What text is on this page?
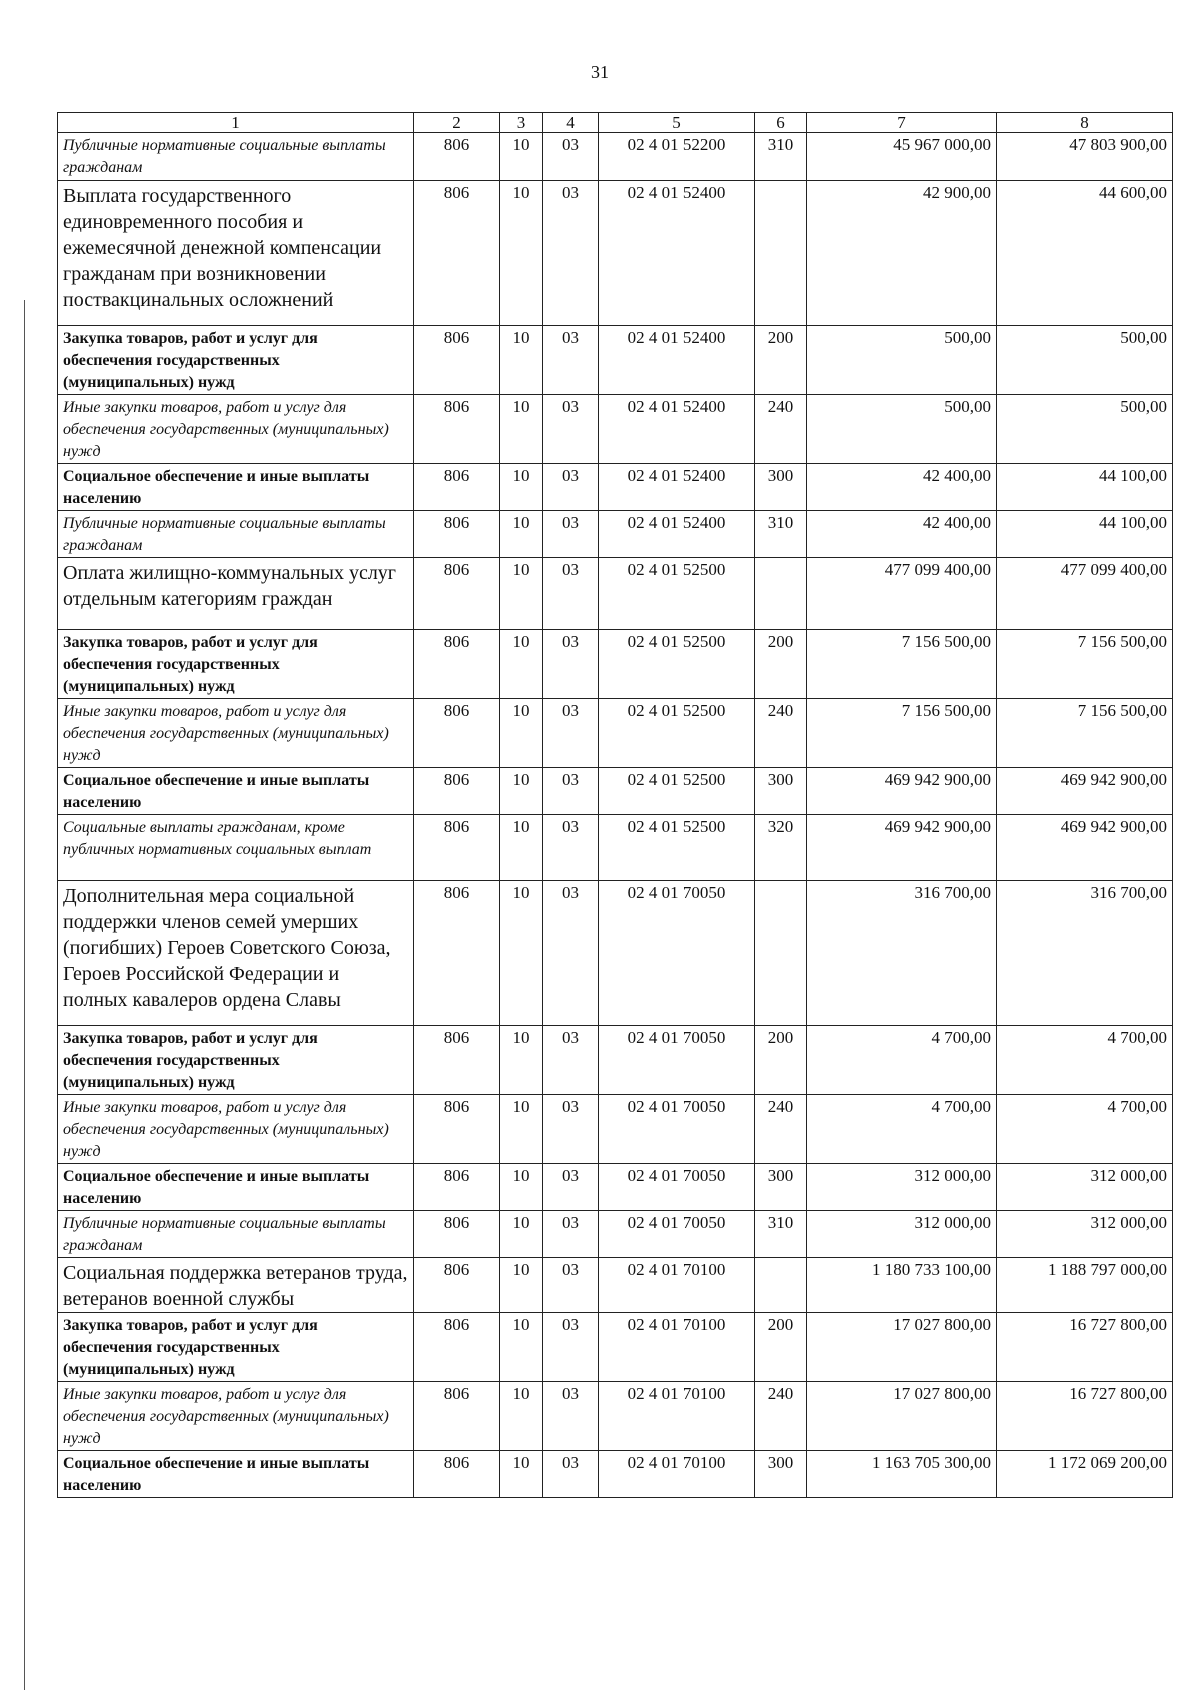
31
1	2	3	4	5	6	7	8
Публичные нормативные социальные выплаты гражданам	806	10	03	02 4 01 52200	310	45 967 000,00	47 803 900,00
Выплата государственного единовременного пособия и ежемесячной денежной компенсации гражданам при возникновении поствакцинальных осложнений	806	10	03	02 4 01 52400		42 900,00	44 600,00
Закупка товаров, работ и услуг для обеспечения государственных (муниципальных) нужд	806	10	03	02 4 01 52400	200	500,00	500,00
Иные закупки товаров, работ и услуг для обеспечения государственных (муниципальных) нужд	806	10	03	02 4 01 52400	240	500,00	500,00
Социальное обеспечение и иные выплаты населению	806	10	03	02 4 01 52400	300	42 400,00	44 100,00
Публичные нормативные социальные выплаты гражданам	806	10	03	02 4 01 52400	310	42 400,00	44 100,00
Оплата жилищно-коммунальных услуг отдельным категориям граждан	806	10	03	02 4 01 52500		477 099 400,00	477 099 400,00
Закупка товаров, работ и услуг для обеспечения государственных (муниципальных) нужд	806	10	03	02 4 01 52500	200	7 156 500,00	7 156 500,00
Иные закупки товаров, работ и услуг для обеспечения государственных (муниципальных) нужд	806	10	03	02 4 01 52500	240	7 156 500,00	7 156 500,00
Социальное обеспечение и иные выплаты населению	806	10	03	02 4 01 52500	300	469 942 900,00	469 942 900,00
Социальные выплаты гражданам, кроме публичных нормативных социальных выплат	806	10	03	02 4 01 52500	320	469 942 900,00	469 942 900,00
Дополнительная мера социальной поддержки членов семей умерших (погибших) Героев Советского Союза, Героев Российской Федерации и полных кавалеров ордена Славы	806	10	03	02 4 01 70050		316 700,00	316 700,00
Закупка товаров, работ и услуг для обеспечения государственных (муниципальных) нужд	806	10	03	02 4 01 70050	200	4 700,00	4 700,00
Иные закупки товаров, работ и услуг для обеспечения государственных (муниципальных) нужд	806	10	03	02 4 01 70050	240	4 700,00	4 700,00
Социальное обеспечение и иные выплаты населению	806	10	03	02 4 01 70050	300	312 000,00	312 000,00
Публичные нормативные социальные выплаты гражданам	806	10	03	02 4 01 70050	310	312 000,00	312 000,00
Социальная поддержка ветеранов труда, ветеранов военной службы	806	10	03	02 4 01 70100		1 180 733 100,00	1 188 797 000,00
Закупка товаров, работ и услуг для обеспечения государственных (муниципальных) нужд	806	10	03	02 4 01 70100	200	17 027 800,00	16 727 800,00
Иные закупки товаров, работ и услуг для обеспечения государственных (муниципальных) нужд	806	10	03	02 4 01 70100	240	17 027 800,00	16 727 800,00
Социальное обеспечение и иные выплаты населению	806	10	03	02 4 01 70100	300	1 163 705 300,00	1 172 069 200,00
